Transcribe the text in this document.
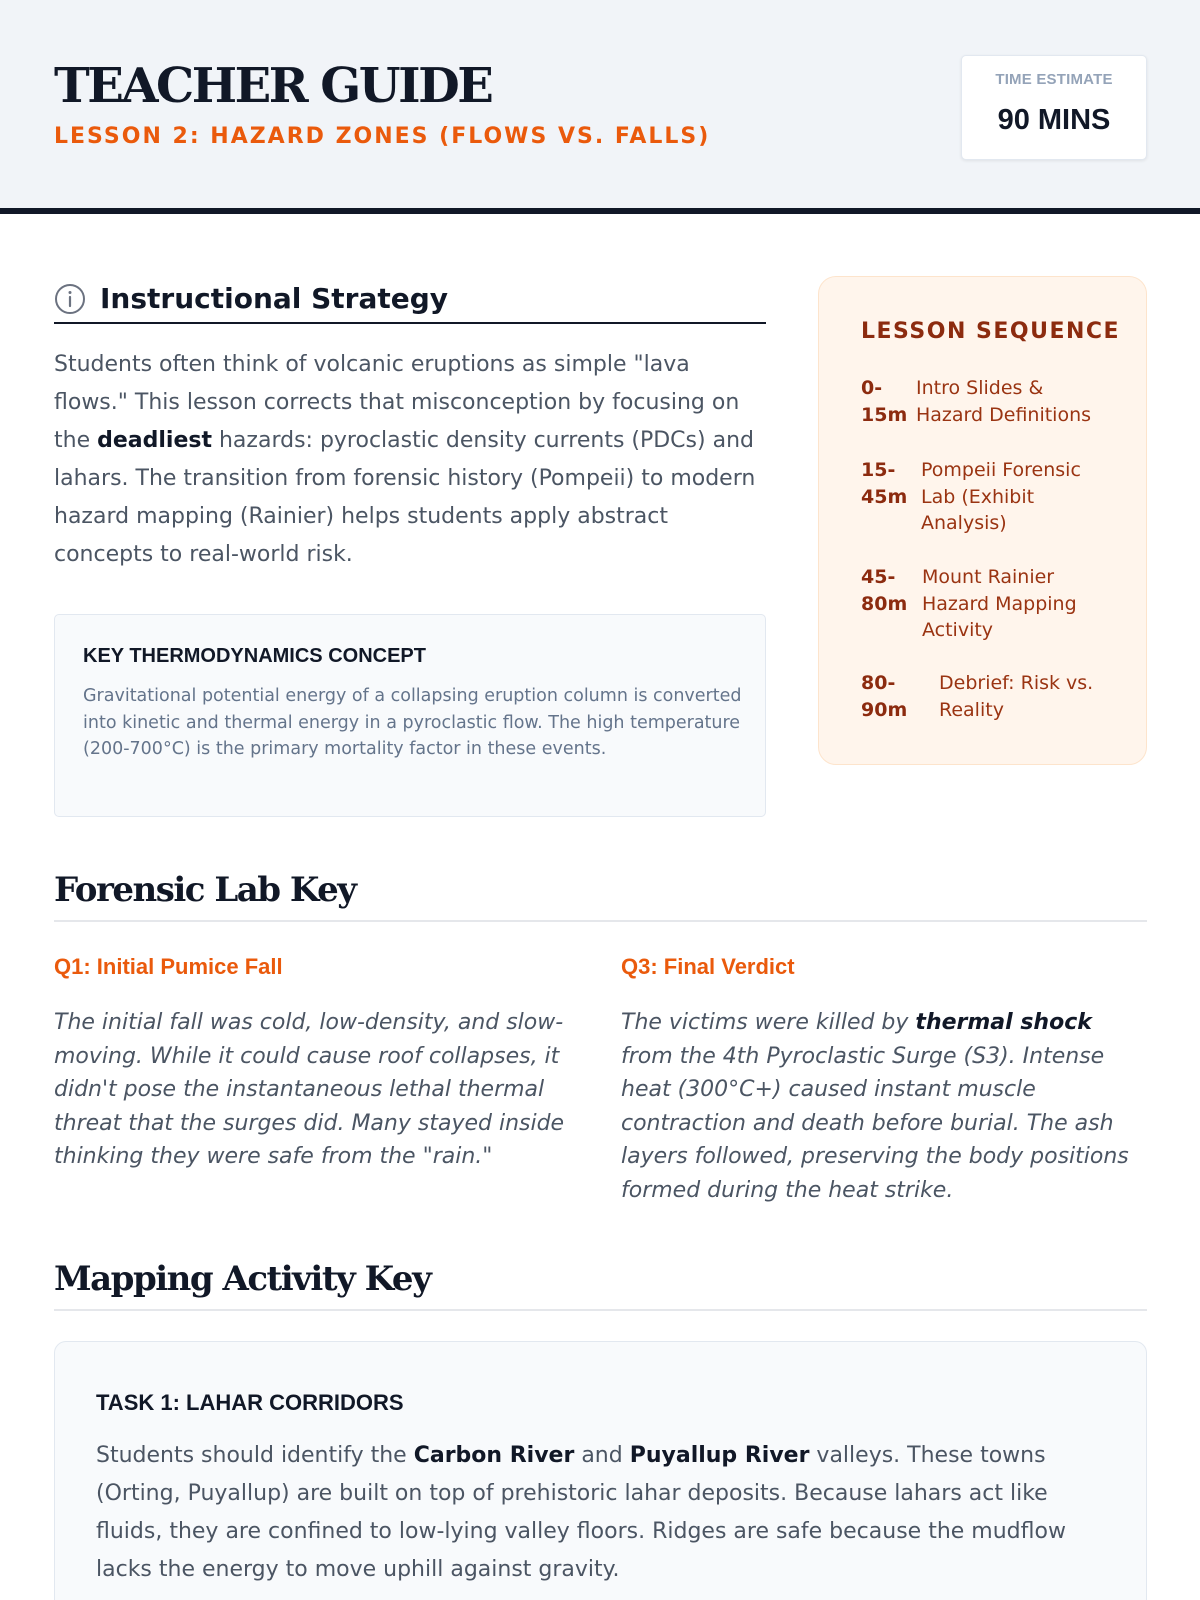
TEACHER GUIDE
LESSON 2: HAZARD ZONES (FLOWS VS. FALLS)
TIME ESTIMATE
90 MINS
Instructional Strategy

Students often think of volcanic eruptions as simple "lava flows." This lesson corrects that misconception by focusing on the deadliest hazards: pyroclastic density currents (PDCs) and lahars. The transition from forensic history (Pompeii) to modern hazard mapping (Rainier) helps students apply abstract concepts to real-world risk.

KEY THERMODYNAMICS CONCEPT
Gravitational potential energy of a collapsing eruption column is converted into kinetic and thermal energy in a pyroclastic flow. The high temperature (200-700°C) is the primary mortality factor in these events.
LESSON SEQUENCE
0-
15m
Intro Slides & Hazard Definitions
15-
45m
Pompeii Forensic Lab (Exhibit Analysis)
45-
80m
Mount Rainier Hazard Mapping Activity
80-
90m
Debrief: Risk vs. Reality
Forensic Lab Key
Q1: Initial Pumice Fall

The initial fall was cold, low-density, and slow-moving. While it could cause roof collapses, it didn't pose the instantaneous lethal thermal threat that the surges did. Many stayed inside thinking they were safe from the "rain."

Q3: Final Verdict

The victims were killed by thermal shock from the 4th Pyroclastic Surge (S3). Intense heat (300°C+) caused instant muscle contraction and death before burial. The ash layers followed, preserving the body positions formed during the heat strike.

Mapping Activity Key
TASK 1: LAHAR CORRIDORS

Students should identify the Carbon River and Puyallup River valleys. These towns (Orting, Puyallup) are built on top of prehistoric lahar deposits. Because lahars act like fluids, they are confined to low-lying valley floors. Ridges are safe because the mudflow lacks the energy to move uphill against gravity.
